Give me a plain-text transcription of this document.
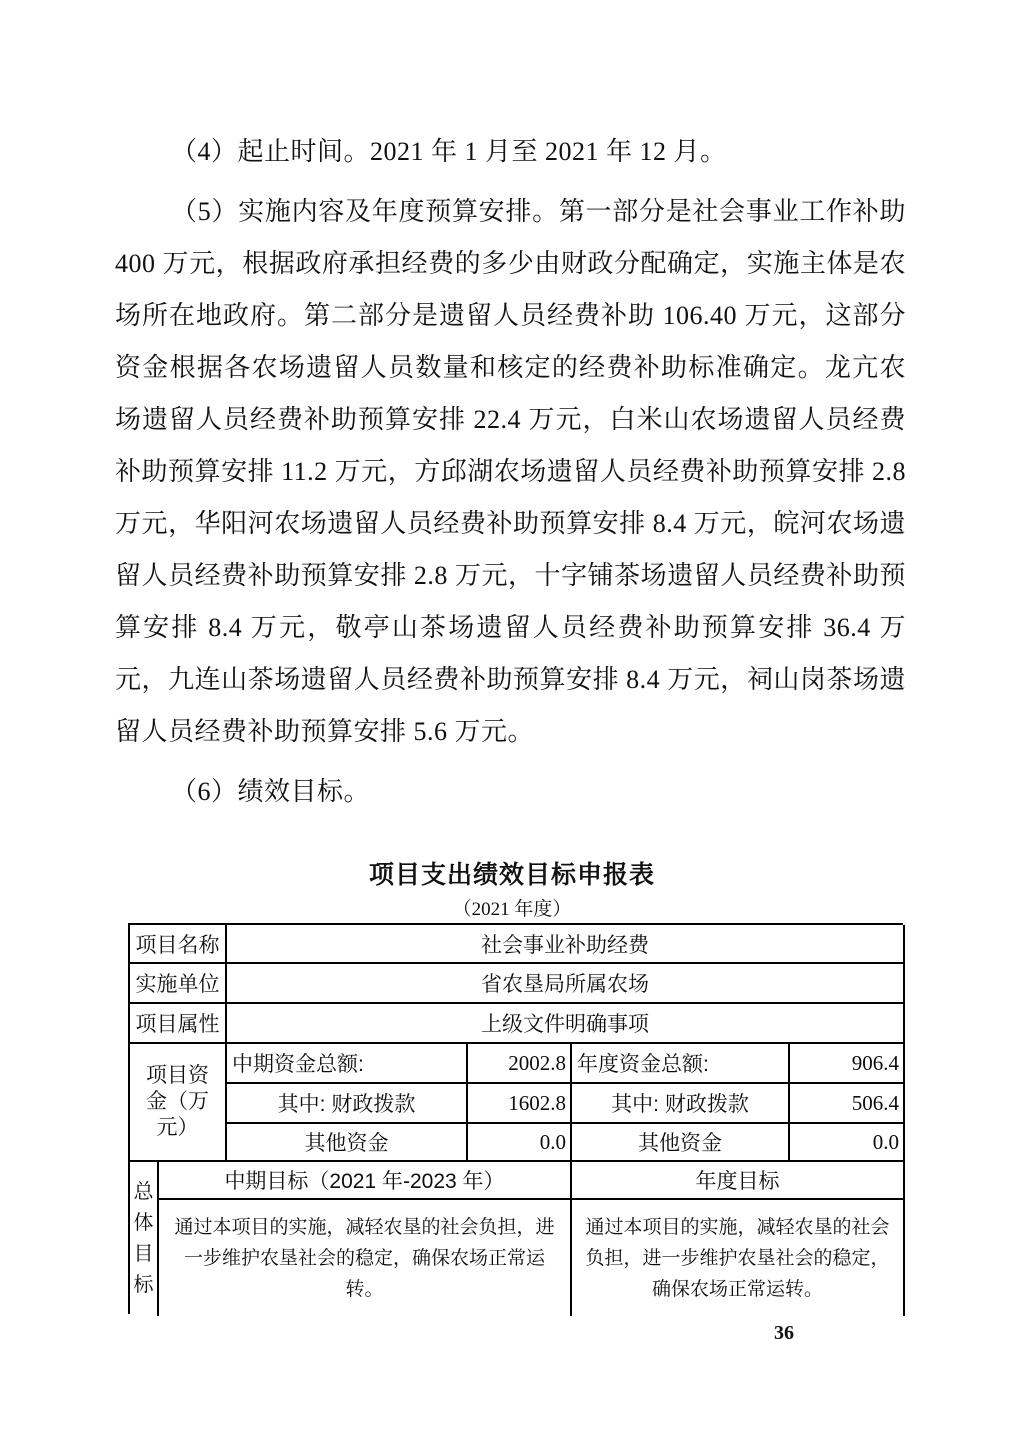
（4）起止时间。2021 年 1 月至 2021 年 12 月。

（5）实施内容及年度预算安排。第一部分是社会事业工作补助 400 万元，根据政府承担经费的多少由财政分配确定，实施主体是农场所在地政府。第二部分是遗留人员经费补助 106.40 万元，这部分资金根据各农场遗留人员数量和核定的经费补助标准确定。龙亢农场遗留人员经费补助预算安排 22.4 万元，白米山农场遗留人员经费补助预算安排 11.2 万元，方邱湖农场遗留人员经费补助预算安排 2.8 万元，华阳河农场遗留人员经费补助预算安排 8.4 万元，皖河农场遗留人员经费补助预算安排 2.8 万元，十字铺茶场遗留人员经费补助预算安排 8.4 万元，敬亭山茶场遗留人员经费补助预算安排 36.4 万元，九连山茶场遗留人员经费补助预算安排 8.4 万元，祠山岗茶场遗留人员经费补助预算安排 5.6 万元。

（6）绩效目标。

项目支出绩效目标申报表
（2021 年度）
项目名称	社会事业补助经费
实施单位	省农垦局所属农场
项目属性	上级文件明确事项
项目资金（万元）
中期资金总额:	2002.8 年度资金总额:	906.4
其中: 财政拨款	1602.8	其中: 财政拨款	506.4
其他资金	0.0	其他资金	0.0
总体目标
中期目标（2021 年-2023 年）	年度目标
通过本项目的实施，减轻农垦的社会负担，进一步维护农垦社会的稳定，确保农场正常运转。
通过本项目的实施，减轻农垦的社会负担，进一步维护农垦社会的稳定，确保农场正常运转。
36
